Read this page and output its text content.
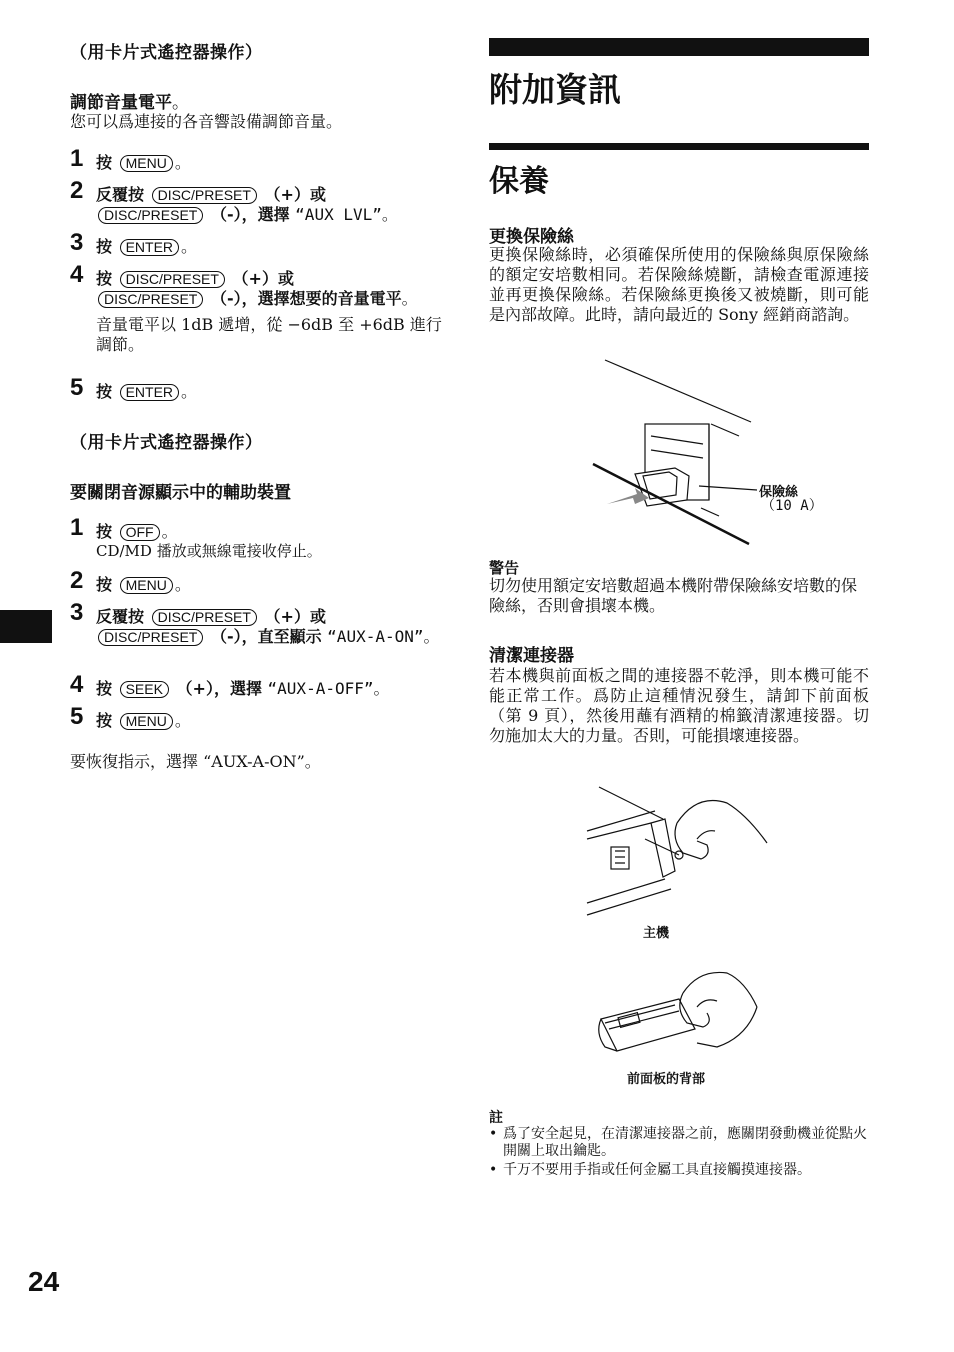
（用卡片式遙控器操作）
調節音量電平。
您可以爲連接的各音響設備調節音量。
1 按 MENU 。
2 反覆按 DISC/PRESET （+）或
DISC/PRESET （-），選擇 “AUX LVL”。
3 按 ENTER 。
4 按 DISC/PRESET （+）或
DISC/PRESET （-），選擇想要的音量電平。
音量電平以 1dB 遞增，從 −6dB 至 +6dB 進行調節。
5 按 ENTER 。
（用卡片式遙控器操作）
要關閉音源顯示中的輔助裝置
1 按 OFF 。
CD/MD 播放或無線電接收停止。
2 按 MENU 。
3 反覆按 DISC/PRESET （+）或
DISC/PRESET （-），直至顯示 “AUX-A-ON”。
4 按 SEEK （+），選擇 “AUX-A-OFF”。
5 按 MENU 。
要恢復指示，選擇 “AUX-A-ON”。
附加資訊
保養
更換保險絲
更換保險絲時，必須確保所使用的保險絲與原保險絲的額定安培數相同。若保險絲燒斷，請檢查電源連接並再更換保險絲。若保險絲更換後又被燒斷，則可能是內部故障。此時，請向最近的 Sony 經銷商諮詢。
保險絲
（10 A）
警告
切勿使用額定安培數超過本機附帶保險絲安培數的保險絲，否則會損壞本機。
清潔連接器
若本機與前面板之間的連接器不乾淨，則本機可能不能正常工作。爲防止這種情況發生，請卸下前面板（第 9 頁），然後用蘸有酒精的棉籤清潔連接器。切勿施加太大的力量。否則，可能損壞連接器。
主機
前面板的背部
註
• 爲了安全起見，在清潔連接器之前，應關閉發動機並從點火開關上取出鑰匙。
• 千万不要用手指或任何金屬工具直接觸摸連接器。
24
